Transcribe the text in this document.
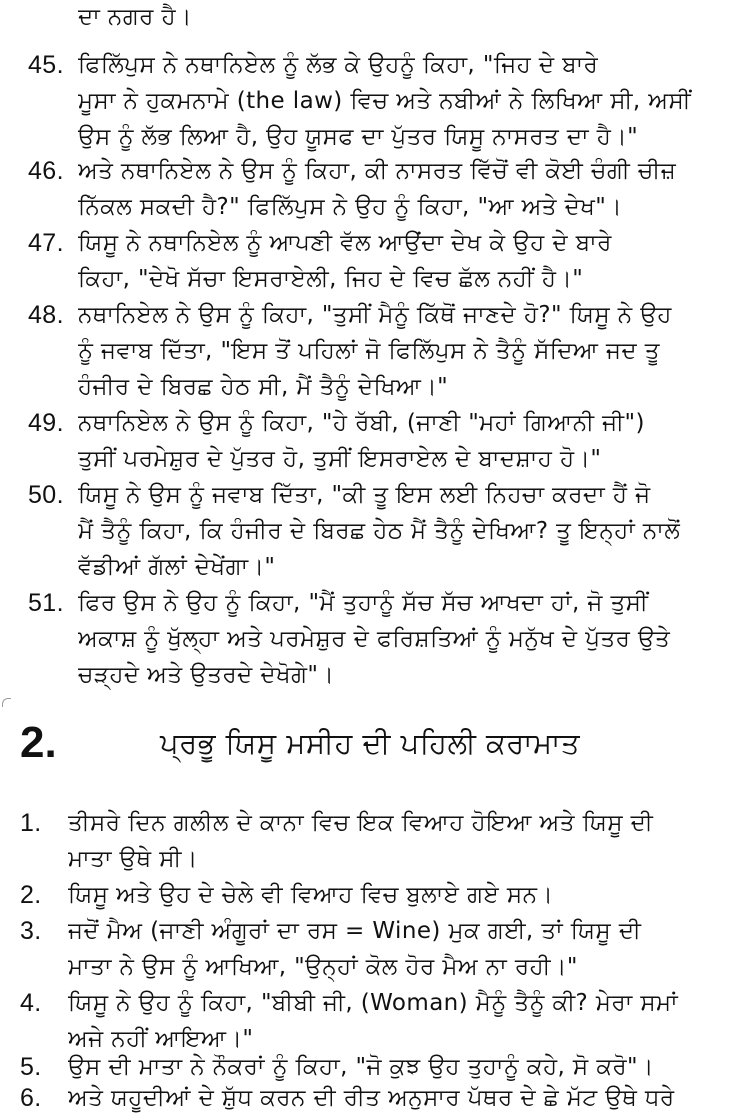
ਦਾ ਨਗਰ ਹੈ।
45. ਫਿਲਿੱਪੁਸ ਨੇ ਨਥਾਨਿਏਲ ਨੂੰ ਲੱਭ ਕੇ ਉਹਨੂੰ ਕਿਹਾ, "ਜਿਹ ਦੇ ਬਾਰੇ
ਮੂਸਾ ਨੇ ਹੁਕਮਨਾਮੇ (the law) ਵਿਚ ਅਤੇ ਨਬੀਆਂ ਨੇ ਲਿਖਿਆ ਸੀ, ਅਸੀਂ
ਉਸ ਨੂੰ ਲੱਭ ਲਿਆ ਹੈ, ਉਹ ਯੂਸਫ ਦਾ ਪੁੱਤਰ ਯਿਸੂ ਨਾਸਰਤ ਦਾ ਹੈ।"
46. ਅਤੇ ਨਥਾਨਿਏਲ ਨੇ ਉਸ ਨੂੰ ਕਿਹਾ, ਕੀ ਨਾਸਰਤ ਵਿੱਚੋਂ ਵੀ ਕੋਈ ਚੰਗੀ ਚੀਜ਼
ਨਿੱਕਲ ਸਕਦੀ ਹੈ?" ਫਿਲਿੱਪੁਸ ਨੇ ਉਹ ਨੂੰ ਕਿਹਾ, "ਆ ਅਤੇ ਦੇਖ"।
47. ਯਿਸੂ ਨੇ ਨਥਾਨਿਏਲ ਨੂੰ ਆਪਣੀ ਵੱਲ ਆਉਂਦਾ ਦੇਖ ਕੇ ਉਹ ਦੇ ਬਾਰੇ
ਕਿਹਾ, "ਦੇਖੋ ਸੱਚਾ ਇਸਰਾਏਲੀ, ਜਿਹ ਦੇ ਵਿਚ ਛੱਲ ਨਹੀਂ ਹੈ।"
48. ਨਥਾਨਿਏਲ ਨੇ ਉਸ ਨੂੰ ਕਿਹਾ, "ਤੁਸੀਂ ਮੈਨੂੰ ਕਿੱਥੋਂ ਜਾਣਦੇ ਹੋ?" ਯਿਸੂ ਨੇ ਉਹ
ਨੂੰ ਜਵਾਬ ਦਿੱਤਾ, "ਇਸ ਤੋਂ ਪਹਿਲਾਂ ਜੋ ਫਿਲਿੱਪੁਸ ਨੇ ਤੈਨੂੰ ਸੱਦਿਆ ਜਦ ਤੂ
ਹੰਜੀਰ ਦੇ ਬਿਰਛ ਹੇਠ ਸੀ, ਮੈਂ ਤੈਨੂੰ ਦੇਖਿਆ।"
49. ਨਥਾਨਿਏਲ ਨੇ ਉਸ ਨੂੰ ਕਿਹਾ, "ਹੇ ਰੱਬੀ, (ਜਾਣੀ "ਮਹਾਂ ਗਿਆਨੀ ਜੀ")
ਤੁਸੀਂ ਪਰਮੇਸ਼ੁਰ ਦੇ ਪੁੱਤਰ ਹੋ, ਤੁਸੀਂ ਇਸਰਾਏਲ ਦੇ ਬਾਦਸ਼ਾਹ ਹੋ।"
50. ਯਿਸੂ ਨੇ ਉਸ ਨੂੰ ਜਵਾਬ ਦਿੱਤਾ, "ਕੀ ਤੂ ਇਸ ਲਈ ਨਿਹਚਾ ਕਰਦਾ ਹੈਂ ਜੋ
ਮੈਂ ਤੈਨੂੰ ਕਿਹਾ, ਕਿ ਹੰਜੀਰ ਦੇ ਬਿਰਛ ਹੇਠ ਮੈਂ ਤੈਨੂੰ ਦੇਖਿਆ? ਤੂ ਇਨ੍ਹਾਂ ਨਾਲੋਂ
ਵੱਡੀਆਂ ਗੱਲਾਂ ਦੇਖੇਂਗਾ।"
51. ਫਿਰ ਉਸ ਨੇ ਉਹ ਨੂੰ ਕਿਹਾ, "ਮੈਂ ਤੁਹਾਨੂੰ ਸੱਚ ਸੱਚ ਆਖਦਾ ਹਾਂ, ਜੋ ਤੁਸੀਂ
ਅਕਾਸ਼ ਨੂੰ ਖੁੱਲ੍ਹਾ ਅਤੇ ਪਰਮੇਸ਼ੁਰ ਦੇ ਫਰਿਸ਼ਤਿਆਂ ਨੂੰ ਮਨੁੱਖ ਦੇ ਪੁੱਤਰ ਉਤੇ
ਚੜ੍ਹਦੇ ਅਤੇ ਉਤਰਦੇ ਦੇਖੋਗੇ"।
2.	ਪ੍ਰਭੂ ਯਿਸੂ ਮਸੀਹ ਦੀ ਪਹਿਲੀ ਕਰਾਮਾਤ
1.	ਤੀਸਰੇ ਦਿਨ ਗਲੀਲ ਦੇ ਕਾਨਾ ਵਿਚ ਇਕ ਵਿਆਹ ਹੋਇਆ ਅਤੇ ਯਿਸੂ ਦੀ
ਮਾਤਾ ਉਥੇ ਸੀ।
2.	ਯਿਸੂ ਅਤੇ ਉਹ ਦੇ ਚੇਲੇ ਵੀ ਵਿਆਹ ਵਿਚ ਬੁਲਾਏ ਗਏ ਸਨ।
3.	ਜਦੋਂ ਮੈਅ (ਜਾਣੀ ਅੰਗੂਰਾਂ ਦਾ ਰਸ = Wine) ਮੁਕ ਗਈ, ਤਾਂ ਯਿਸੂ ਦੀ
ਮਾਤਾ ਨੇ ਉਸ ਨੂੰ ਆਖਿਆ, "ਉਨ੍ਹਾਂ ਕੋਲ ਹੋਰ ਮੈਅ ਨਾ ਰਹੀ।"
4.	ਯਿਸੂ ਨੇ ਉਹ ਨੂੰ ਕਿਹਾ, "ਬੀਬੀ ਜੀ, (Woman) ਮੈਨੂੰ ਤੈਨੂੰ ਕੀ? ਮੇਰਾ ਸਮਾਂ
ਅਜੇ ਨਹੀਂ ਆਇਆ।"
5.	ਉਸ ਦੀ ਮਾਤਾ ਨੇ ਨੌਕਰਾਂ ਨੂੰ ਕਿਹਾ, "ਜੋ ਕੁਝ ਉਹ ਤੁਹਾਨੂੰ ਕਹੇ, ਸੋ ਕਰੋ"।
6.	ਅਤੇ ਯਹੂਦੀਆਂ ਦੇ ਸ਼ੁੱਧ ਕਰਨ ਦੀ ਰੀਤ ਅਨੁਸਾਰ ਪੱਥਰ ਦੇ ਛੇ ਮੱਟ ਉਥੇ ਧਰੇ
